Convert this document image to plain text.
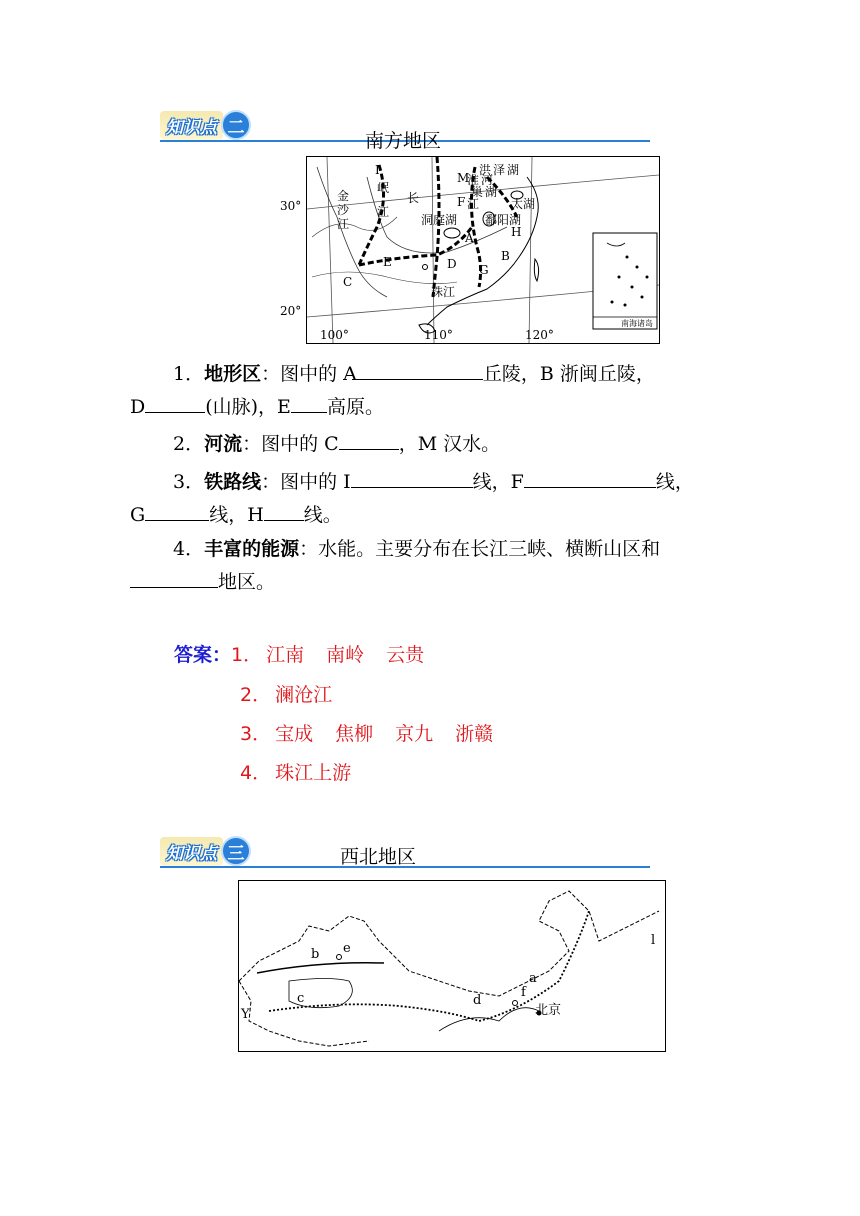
知识点 二
南方地区
I
M
F
A
B
C
D
E
G
H
金
沙
江
岷
江
长
洪 泽 湖
淮 河
巢 湖
洞庭湖 鄱阳湖
太湖
江
珠江
南海诸岛
30°
20°
100°	110°	120°
1．地形区：图中的 A	丘陵，B 浙闽丘陵，
D	(山脉)，E 高原。
2．河流：图中的 C	，M 汉水。
3．铁路线：图中的 I	线，F	线，
G	线，H 线。
4．丰富的能源：水能。主要分布在长江三峡、横断山区和
地区。
答案：1． 江南 南岭 云贵
2． 澜沧江
3． 宝成 焦柳 京九 浙赣
4． 珠江上游
知识点 三	西北地区
a
b
c	d
e
f
l
Y	北京
